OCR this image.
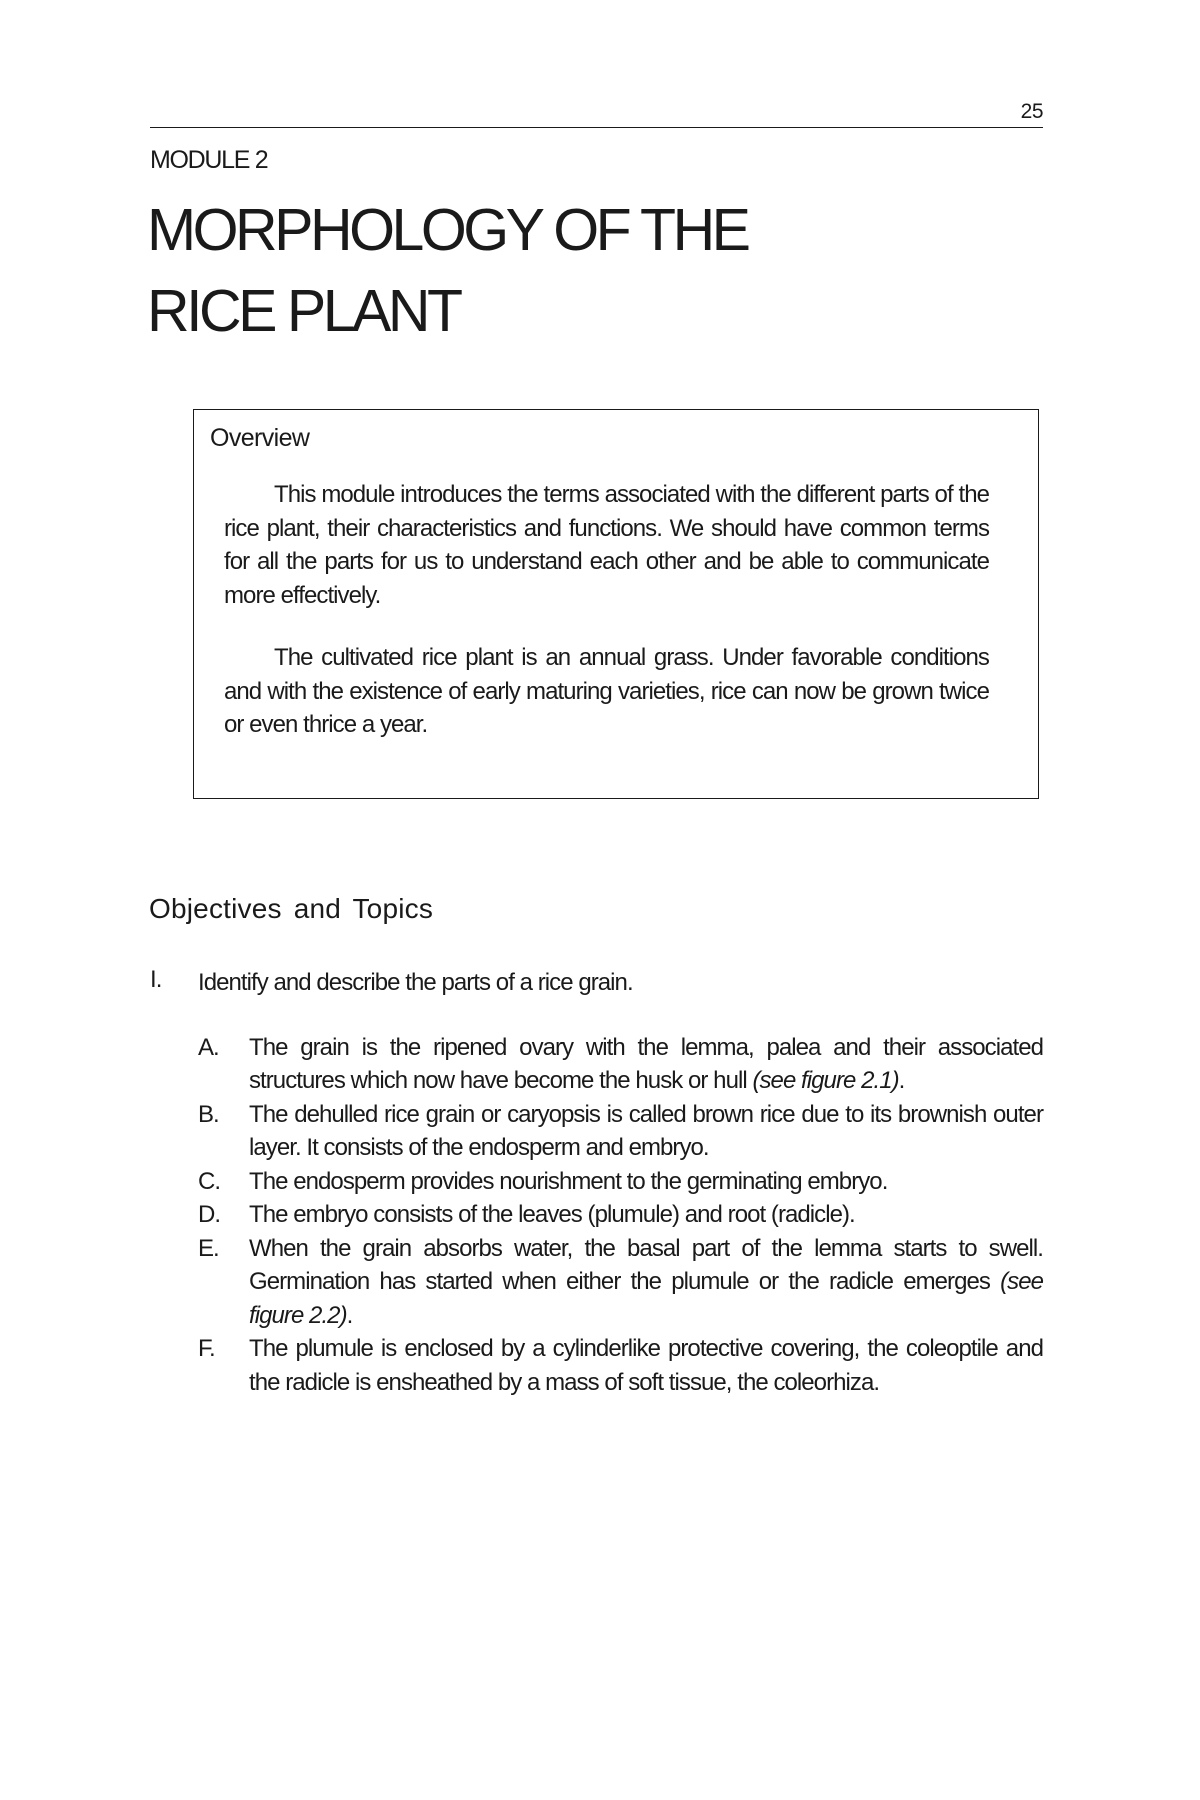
25
MODULE 2
MORPHOLOGY OF THE
RICE PLANT
Overview

This module introduces the terms associated with the different parts of the rice plant, their characteristics and functions. We should have common terms for all the parts for us to understand each other and be able to communicate more effectively.

The cultivated rice plant is an annual grass. Under favorable conditions and with the existence of early maturing varieties, rice can now be grown twice or even thrice a year.

Objectives and Topics
I. Identify and describe the parts of a rice grain.
A. The grain is the ripened ovary with the lemma, palea and their associated structures which now have become the husk or hull (see figure 2.1).
B. The dehulled rice grain or caryopsis is called brown rice due to its brownish outer layer. It consists of the endosperm and embryo.
C. The endosperm provides nourishment to the germinating embryo.
D. The embryo consists of the leaves (plumule) and root (radicle).
E. When the grain absorbs water, the basal part of the lemma starts to swell. Germination has started when either the plumule or the radicle emerges (see figure 2.2).
F. The plumule is enclosed by a cylinderlike protective covering, the coleoptile and the radicle is ensheathed by a mass of soft tissue, the coleorhiza.
